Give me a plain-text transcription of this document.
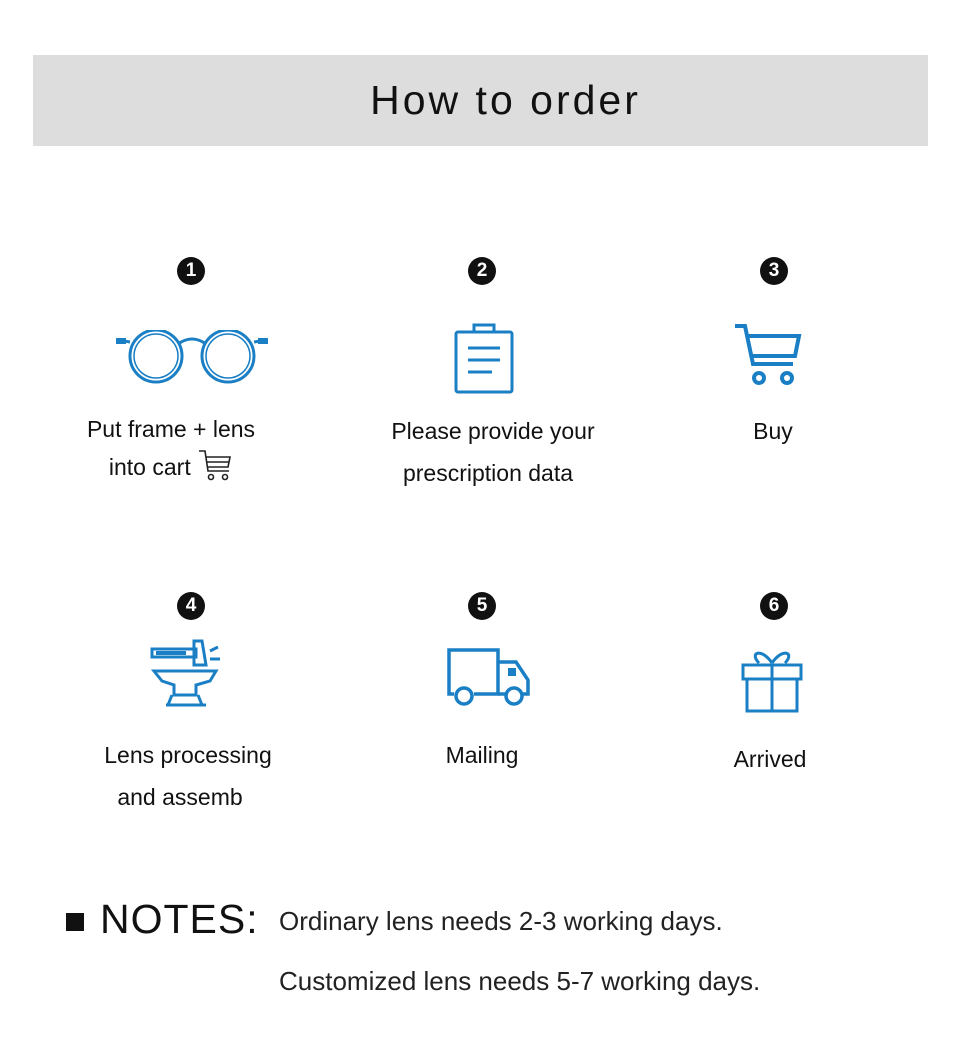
How to order
1
Put frame + lens
into cart
2
Please provide your
prescription data
3
Buy
4
Lens processing
and assemb
5
Mailing
6
Arrived
NOTES: Ordinary lens needs 2-3 working days.
Customized lens needs 5-7 working days.
